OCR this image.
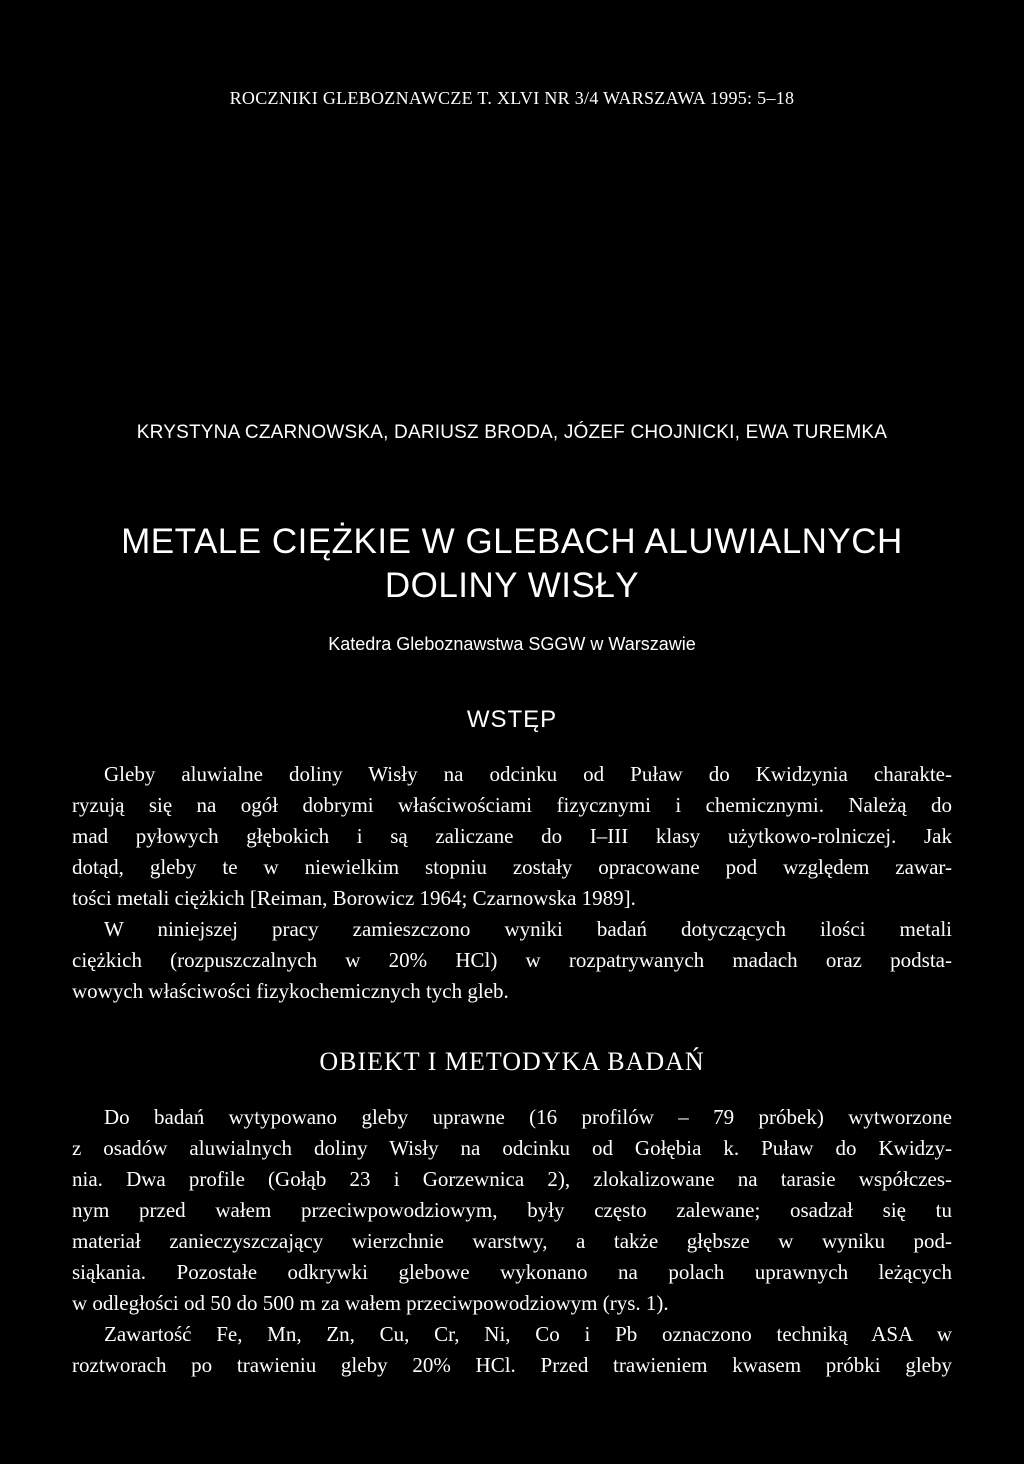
ROCZNIKI GLEBOZNAWCZE T. XLVI NR 3/4 WARSZAWA 1995: 5–18
KRYSTYNA CZARNOWSKA, DARIUSZ BRODA, JÓZEF CHOJNICKI, EWA TUREMKA
METALE CIĘŻKIE W GLEBACH ALUWIALNYCH
DOLINY WISŁY
Katedra Gleboznawstwa SGGW w Warszawie
WSTĘP
Gleby aluwialne doliny Wisły na odcinku od Puław do Kwidzynia charakte-
ryzują się na ogół dobrymi właściwościami fizycznymi i chemicznymi. Należą do
mad pyłowych głębokich i są zaliczane do I–III klasy użytkowo-rolniczej. Jak
dotąd, gleby te w niewielkim stopniu zostały opracowane pod względem zawar-
tości metali ciężkich [Reiman, Borowicz 1964; Czarnowska 1989].
W niniejszej pracy zamieszczono wyniki badań dotyczących ilości metali
ciężkich (rozpuszczalnych w 20% HCl) w rozpatrywanych madach oraz podsta-
wowych właściwości fizykochemicznych tych gleb.
OBIEKT I METODYKA BADAŃ
Do badań wytypowano gleby uprawne (16 profilów – 79 próbek) wytworzone
z osadów aluwialnych doliny Wisły na odcinku od Gołębia k. Puław do Kwidzy-
nia. Dwa profile (Gołąb 23 i Gorzewnica 2), zlokalizowane na tarasie współczes-
nym przed wałem przeciwpowodziowym, były często zalewane; osadzał się tu
materiał zanieczyszczający wierzchnie warstwy, a także głębsze w wyniku pod-
siąkania. Pozostałe odkrywki glebowe wykonano na polach uprawnych leżących
w odległości od 50 do 500 m za wałem przeciwpowodziowym (rys. 1).
Zawartość Fe, Mn, Zn, Cu, Cr, Ni, Co i Pb oznaczono techniką ASA w
roztworach po trawieniu gleby 20% HCl. Przed trawieniem kwasem próbki gleby
